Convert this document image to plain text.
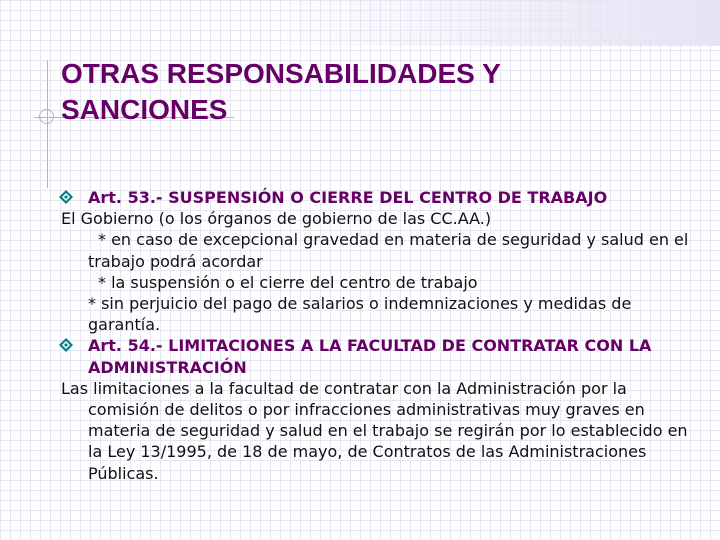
OTRAS RESPONSABILIDADES Y
SANCIONES
Art. 53.- SUSPENSIÓN O CIERRE DEL CENTRO DE TRABAJO
El Gobierno (o los órganos de gobierno de las CC.AA.)
* en caso de excepcional gravedad en materia de seguridad y salud en el trabajo podrá acordar
* la suspensión o el cierre del centro de trabajo
* sin perjuicio del pago de salarios o indemnizaciones y medidas de garantía.
Art. 54.- LIMITACIONES A LA FACULTAD DE CONTRATAR CON LA ADMINISTRACIÓN
Las limitaciones a la facultad de contratar con la Administración por la comisión de delitos o por infracciones administrativas muy graves en materia de seguridad y salud en el trabajo se regirán por lo establecido en la Ley 13/1995, de 18 de mayo, de Contratos de las Administraciones Públicas.
